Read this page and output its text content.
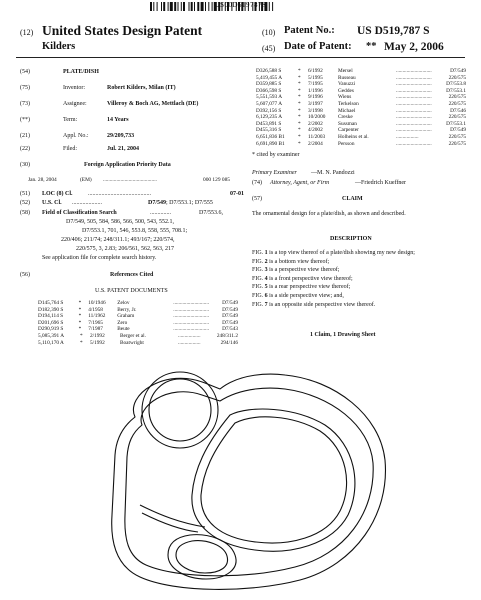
US00D519787S
(12) United States Design Patent
Kilders
(10) Patent No.: US D519,787 S
(45) Date of Patent: ** May 2, 2006
(54)	PLATE/DISH
(75)	Inventor:	Robert Kilders, Milan (IT)
(73)	Assignee:	Villeroy & Boch AG, Mettlach (DE)
(**)	Term:	14 Years
(21)	Appl. No.:	29/209,733
(22)	Filed:	Jul. 21, 2004
(30)	Foreign Application Priority Data
Jan. 28, 2004	(EM) ........................................	000 129 085
(51) LOC (8) Cl.	..........................................	07-01
(52) U.S. Cl. ....................	D7/549; D7/553.1; D7/555
(58) Field of Classification Search	..............	D7/553.6,
D7/549, 505, 584, 586, 566, 500, 543, 552.1,
D7/553.1, 701, 546, 553.8, 558, 555, 708.1;
220/406; 211/74; 248/311.1; 493/167; 220/574,
220/575, 3, 2.83; 206/561, 562, 563, 217
See application file for complete search history.
(56)	References Cited
U.S. PATENT DOCUMENTS
D145,764 S	*	10/1946	Zelov	...........................	D7/549
D182,390 S	*	4/1958	Berry, Jr.	...........................	D7/549
D194,114 S	*	11/1962	Graham	...........................	D7/549
D201,696 S	*	7/1965	Zero	...........................	D7/549
D290,919 S	*	7/1987	Beute	...........................	D7/543
5,085,391 A	*	2/1992	Berger et al.	.................	248/311.2
5,110,170 A	*	5/1992	Boatwright	.................	294/146
D326,588 S	*	6/1992	Mersel	...........................	D7/549
5,419,455 A	*	5/1995	Russeau	...........................	220/575
D359,885 S	*	7/1995	Vanuzzi	...........................	D7/553.8
D366,598 S	*	1/1996	Geddes	...........................	D7/553.1
5,551,593 A	*	9/1996	Wiens	...........................	220/575
5,607,077 A	*	3/1997	Terkelson	...........................	220/575
D392,156 S	*	3/1998	Michael	...........................	D7/546
6,129,235 A	*	10/2000	Creske	...........................	220/575
D453,891 S	*	2/2002	Sussman	...........................	D7/553.1
D455,316 S	*	4/2002	Carpenter	...........................	D7/549
6,651,836 B1	*	11/2003	Holheins et al.	.................	220/575
6,691,890 B1	*	2/2004	Persson	...........................	220/575
* cited by examiner
Primary Examiner —M. N. Pandozzi
(74) Attorney, Agent, or Firm	—Friedrich Kueffner
(57)	CLAIM
The ornamental design for a plate/dish, as shown and described.
DESCRIPTION
FIG. 1 is a top view thereof of a plate/dish showing my new design;
FIG. 2 is a bottom view thereof;
FIG. 3 is a perspective view thereof;
FIG. 4 is a front perspective view thereof;
FIG. 5 is a rear perspective view thereof;
FIG. 6 is a side perspective view; and,
FIG. 7 is an opposite side perspective view thereof.
1 Claim, 1 Drawing Sheet
